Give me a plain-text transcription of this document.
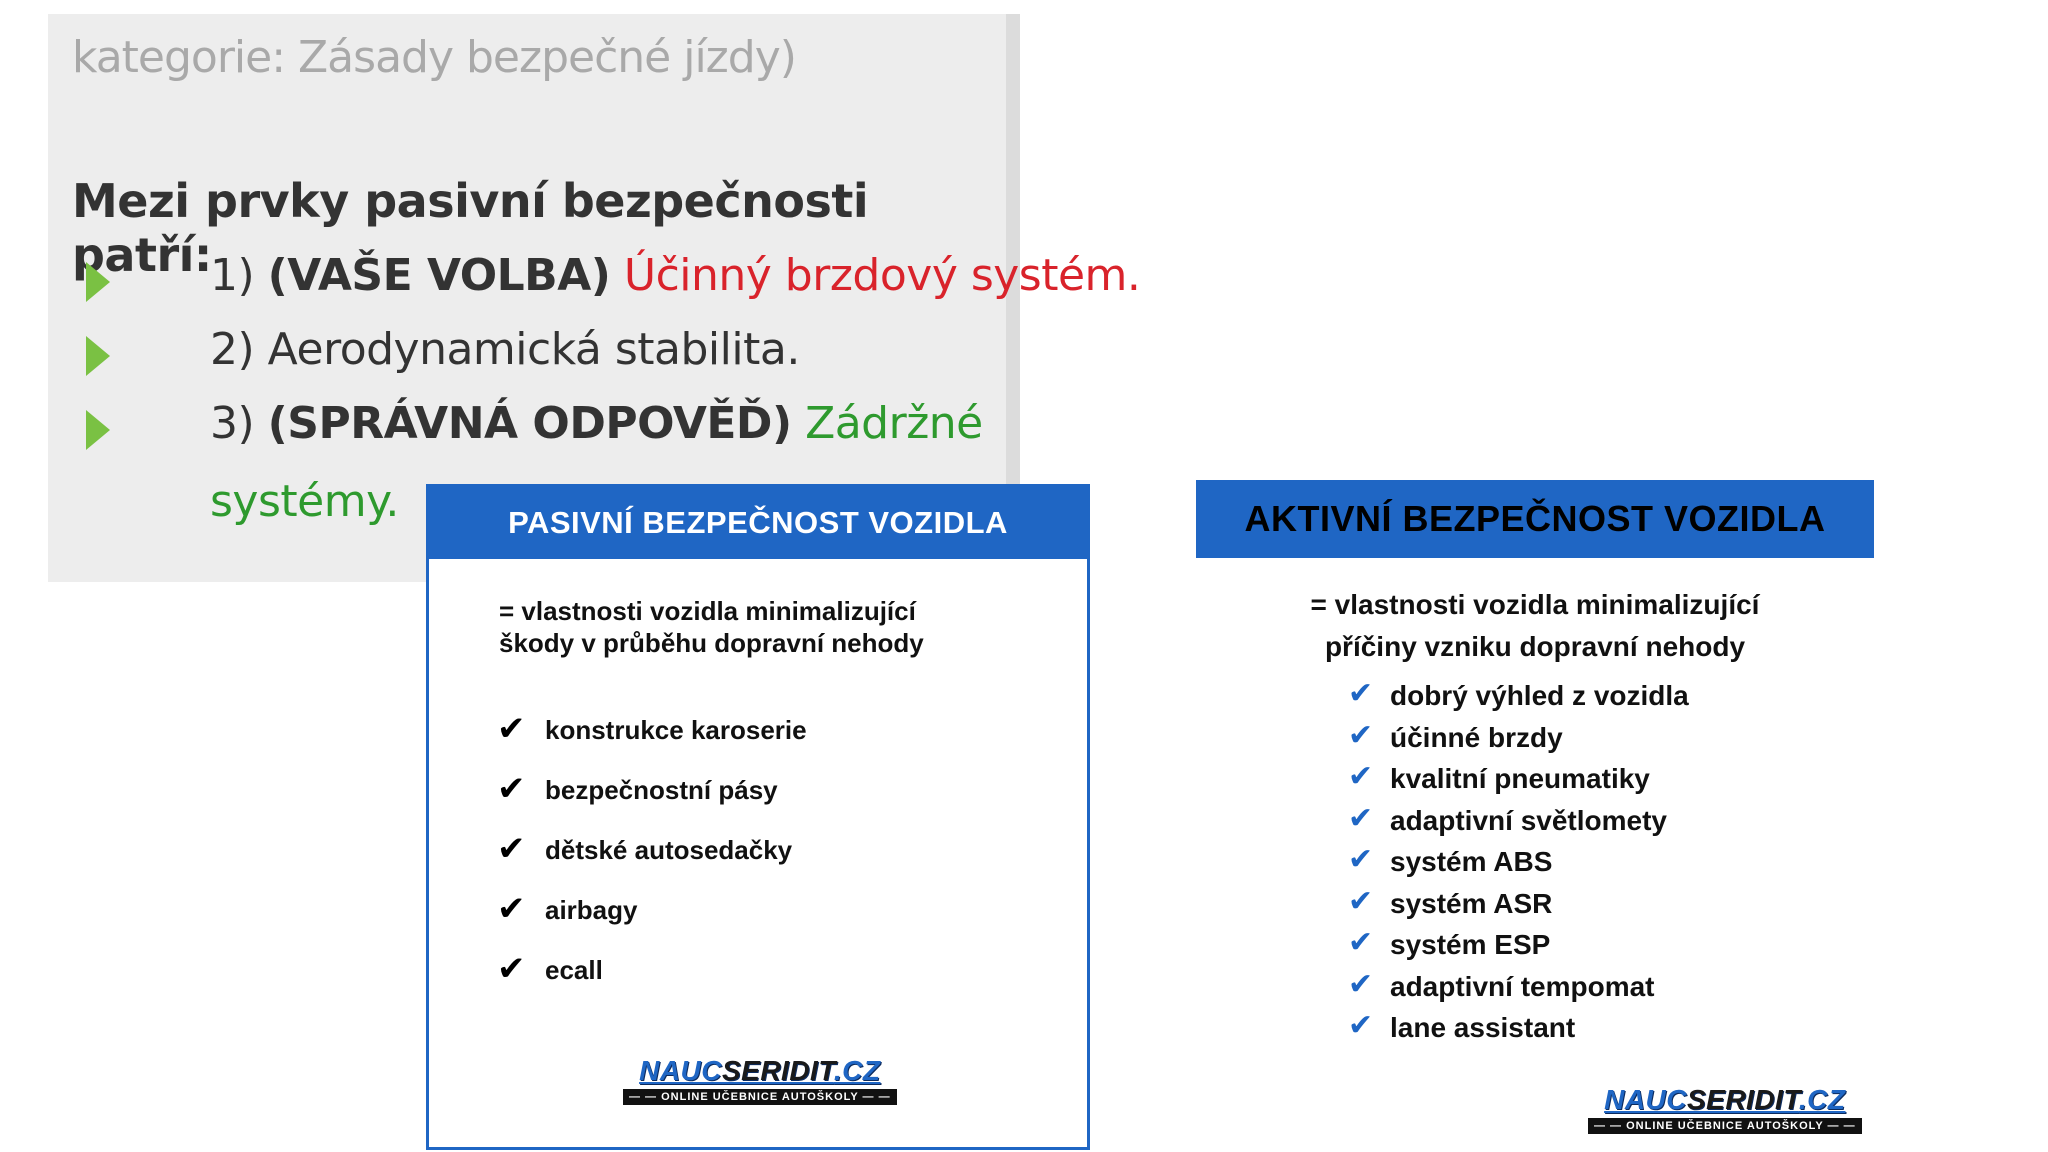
kategorie: Zásady bezpečné jízdy)
Mezi prvky pasivní bezpečnosti patří:
1) (VAŠE VOLBA) Účinný brzdový systém.
2) Aerodynamická stabilita.
3) (SPRÁVNÁ ODPOVĚĎ) Zádržné
systémy.	PASIVNÍ BEZPEČNOST VOZIDLA
= vlastnosti vozidla minimalizující
škody v průběhu dopravní nehody
✔ konstrukce karoserie
✔ bezpečnostní pásy
✔ dětské autosedačky
✔ airbagy
✔ ecall
NAUCSERIDIT.CZ
— — ONLINE UČEBNICE AUTOŠKOLY — —
AKTIVNÍ BEZPEČNOST VOZIDLA
= vlastnosti vozidla minimalizující
příčiny vzniku dopravní nehody
✔ dobrý výhled z vozidla
✔ účinné brzdy
✔ kvalitní pneumatiky
✔ adaptivní světlomety
✔ systém ABS
✔ systém ASR
✔ systém ESP
✔ adaptivní tempomat
✔ lane assistant
NAUCSERIDIT.CZ
— — ONLINE UČEBNICE AUTOŠKOLY — —
